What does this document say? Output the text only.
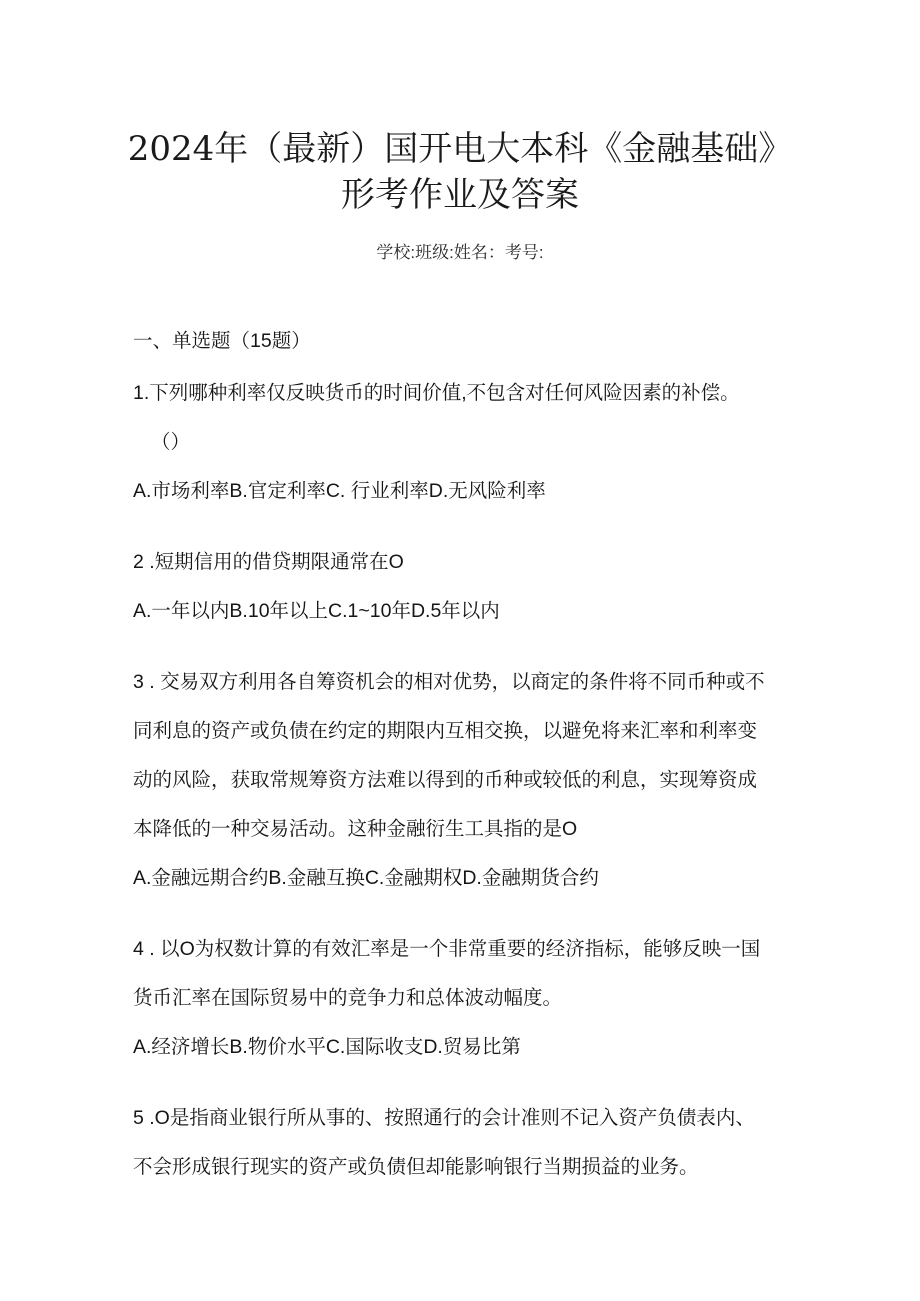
2024年（最新）国开电大本科《金融基础》
形考作业及答案
学校:班级:姓名：考号:
一、单选题（15题）
1.下列哪种利率仅反映货币的时间价值,不包含对任何风险因素的补偿。
（）
A.市场利率B.官定利率C. 行业利率D.无风险利率
2 .短期信用的借贷期限通常在O
A.一年以内B.10年以上C.1~10年D.5年以内
3 . 交易双方利用各自筹资机会的相对优势，以商定的条件将不同币种或不
同利息的资产或负债在约定的期限内互相交换，以避免将来汇率和利率变
动的风险，获取常规筹资方法难以得到的币种或较低的利息，实现筹资成
本降低的一种交易活动。这种金融衍生工具指的是O
A.金融远期合约B.金融互换C.金融期权D.金融期货合约
4 . 以O为权数计算的有效汇率是一个非常重要的经济指标，能够反映一国
货币汇率在国际贸易中的竞争力和总体波动幅度。
A.经济增长B.物价水平C.国际收支D.贸易比第
5 .O是指商业银行所从事的、按照通行的会计准则不记入资产负债表内、
不会形成银行现实的资产或负债但却能影响银行当期损益的业务。
